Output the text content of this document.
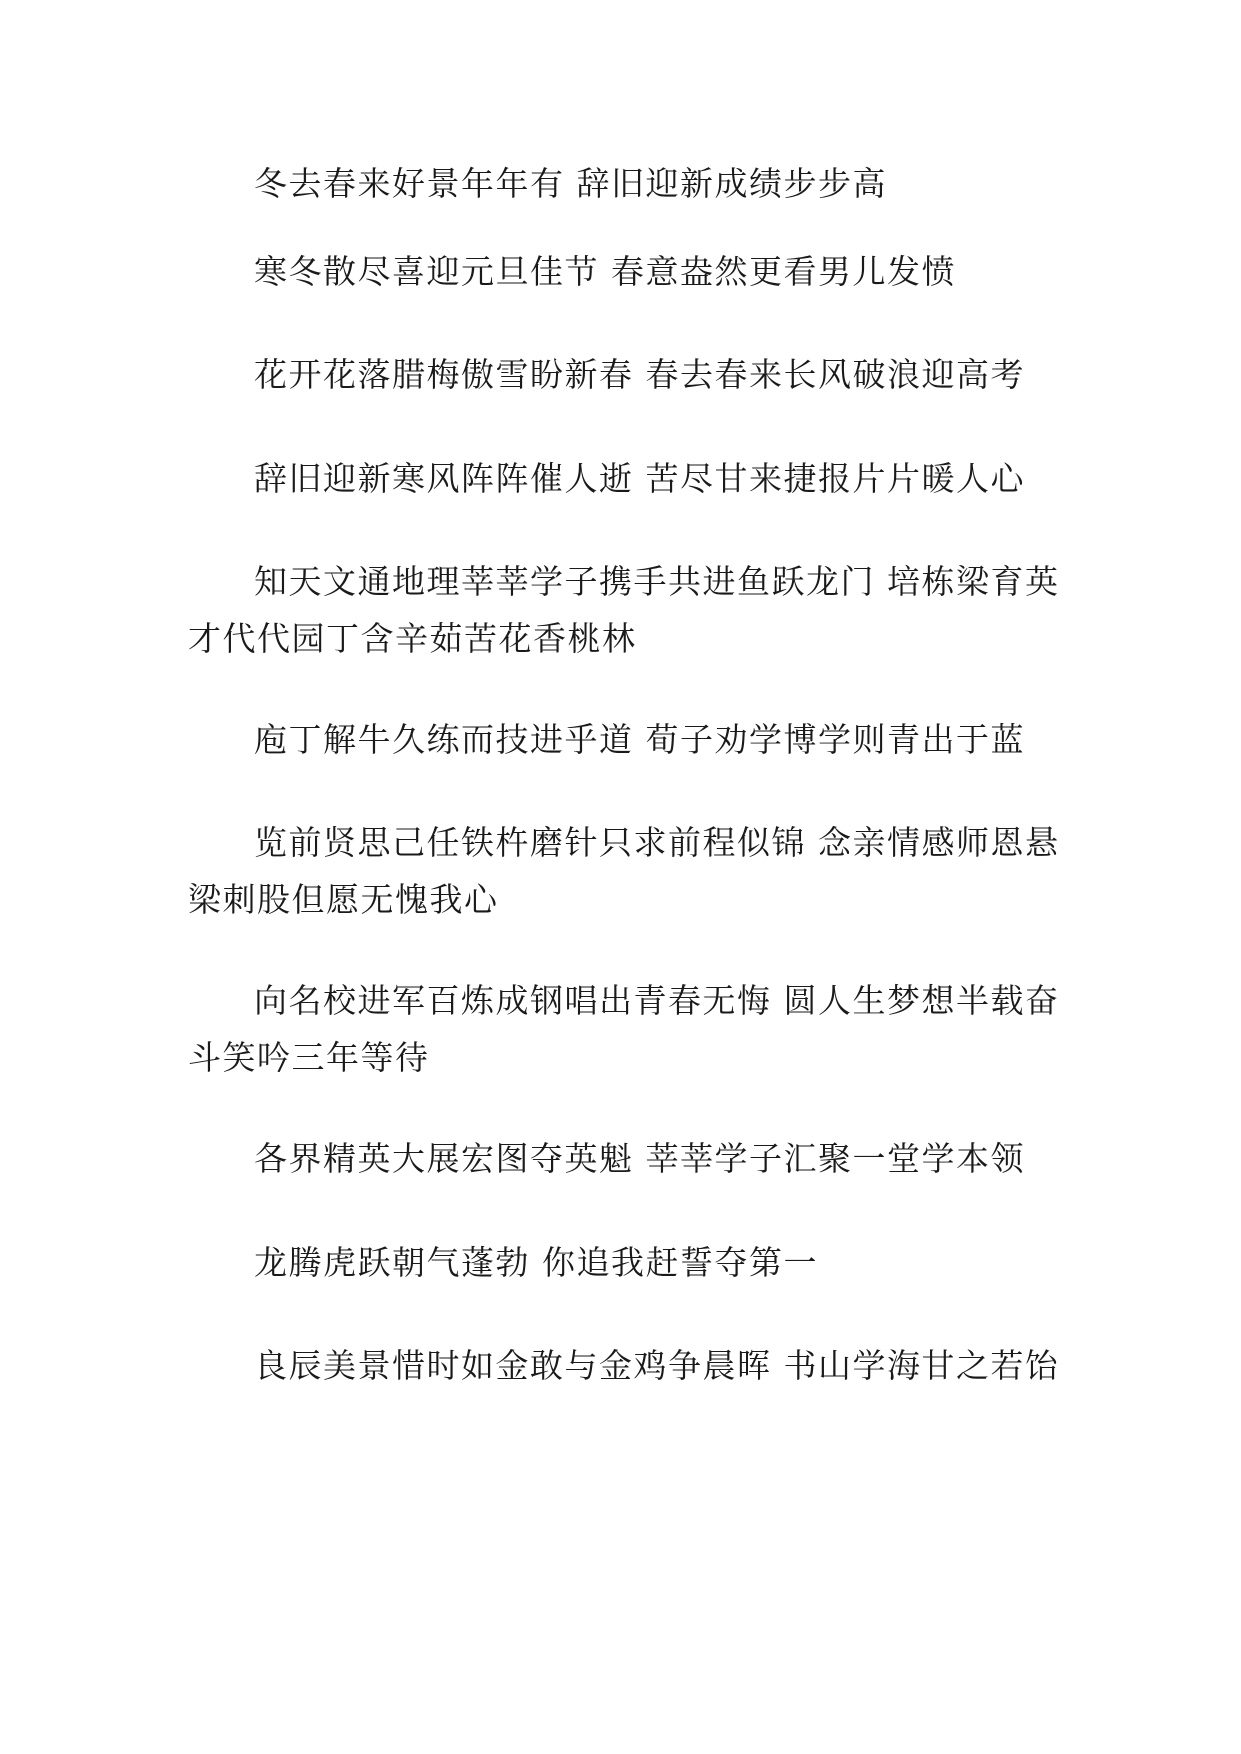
冬去春来好景年年有 辞旧迎新成绩步步高

寒冬散尽喜迎元旦佳节 春意盎然更看男儿发愤

花开花落腊梅傲雪盼新春 春去春来长风破浪迎高考

辞旧迎新寒风阵阵催人逝 苦尽甘来捷报片片暖人心

知天文通地理莘莘学子携手共进鱼跃龙门 培栋梁育英才代代园丁含辛茹苦花香桃林

庖丁解牛久练而技进乎道 荀子劝学博学则青出于蓝

览前贤思己任铁杵磨针只求前程似锦 念亲情感师恩悬梁刺股但愿无愧我心

向名校进军百炼成钢唱出青春无悔 圆人生梦想半载奋斗笑吟三年等待

各界精英大展宏图夺英魁 莘莘学子汇聚一堂学本领

龙腾虎跃朝气蓬勃 你追我赶誓夺第一

良辰美景惜时如金敢与金鸡争晨晖 书山学海甘之若饴
